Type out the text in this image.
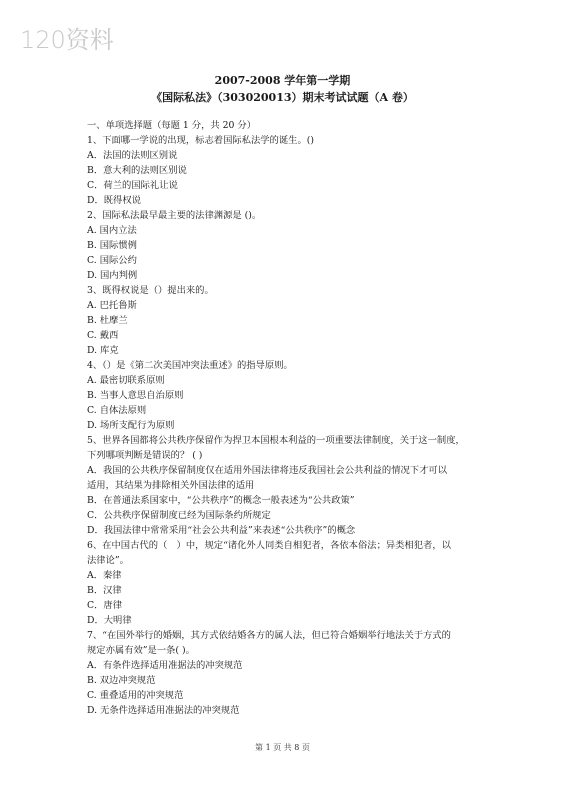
120资料
2007-2008 学年第一学期
《国际私法》（303020013）期末考试试题（A 卷）
一、单项选择题（每题 1 分，共 20 分）
1、下面哪一学说的出现，标志着国际私法学的诞生。()
A．法国的法则区别说
B．意大利的法则区别说
C．荷兰的国际礼让说
D．既得权说
2、国际私法最早最主要的法律渊源是 ()。
A. 国内立法
B. 国际惯例
C. 国际公约
D. 国内判例
3、既得权说是（）提出来的。
A. 巴托鲁斯
B. 杜摩兰
C. 戴西
D. 库克
4、（）是《第二次美国冲突法重述》的指导原则。
A. 最密切联系原则
B. 当事人意思自治原则
C. 自体法原则
D. 场所支配行为原则
5、世界各国都将公共秩序保留作为捍卫本国根本利益的一项重要法律制度，关于这一制度，
下列哪项判断是错误的？ ( )
A．我国的公共秩序保留制度仅在适用外国法律将违反我国社会公共利益的情况下才可以
适用，其结果为排除相关外国法律的适用
B．在普通法系国家中，“公共秩序”的概念一般表述为“公共政策”
C．公共秩序保留制度已经为国际条约所规定
D．我国法律中常常采用“社会公共利益”来表述“公共秩序”的概念
6、在中国古代的（　）中，规定“诸化外人同类自相犯者，各依本俗法；异类相犯者，以
法律论”。
A．秦律
B．汉律
C．唐律
D．大明律
7、“在国外举行的婚姻，其方式依结婚各方的属人法，但已符合婚姻举行地法关于方式的
规定亦属有效”是一条( )。
A．有条件选择适用准据法的冲突规范
B. 双边冲突规范
C. 重叠适用的冲突规范
D. 无条件选择适用准据法的冲突规范
第 1 页 共 8 页
